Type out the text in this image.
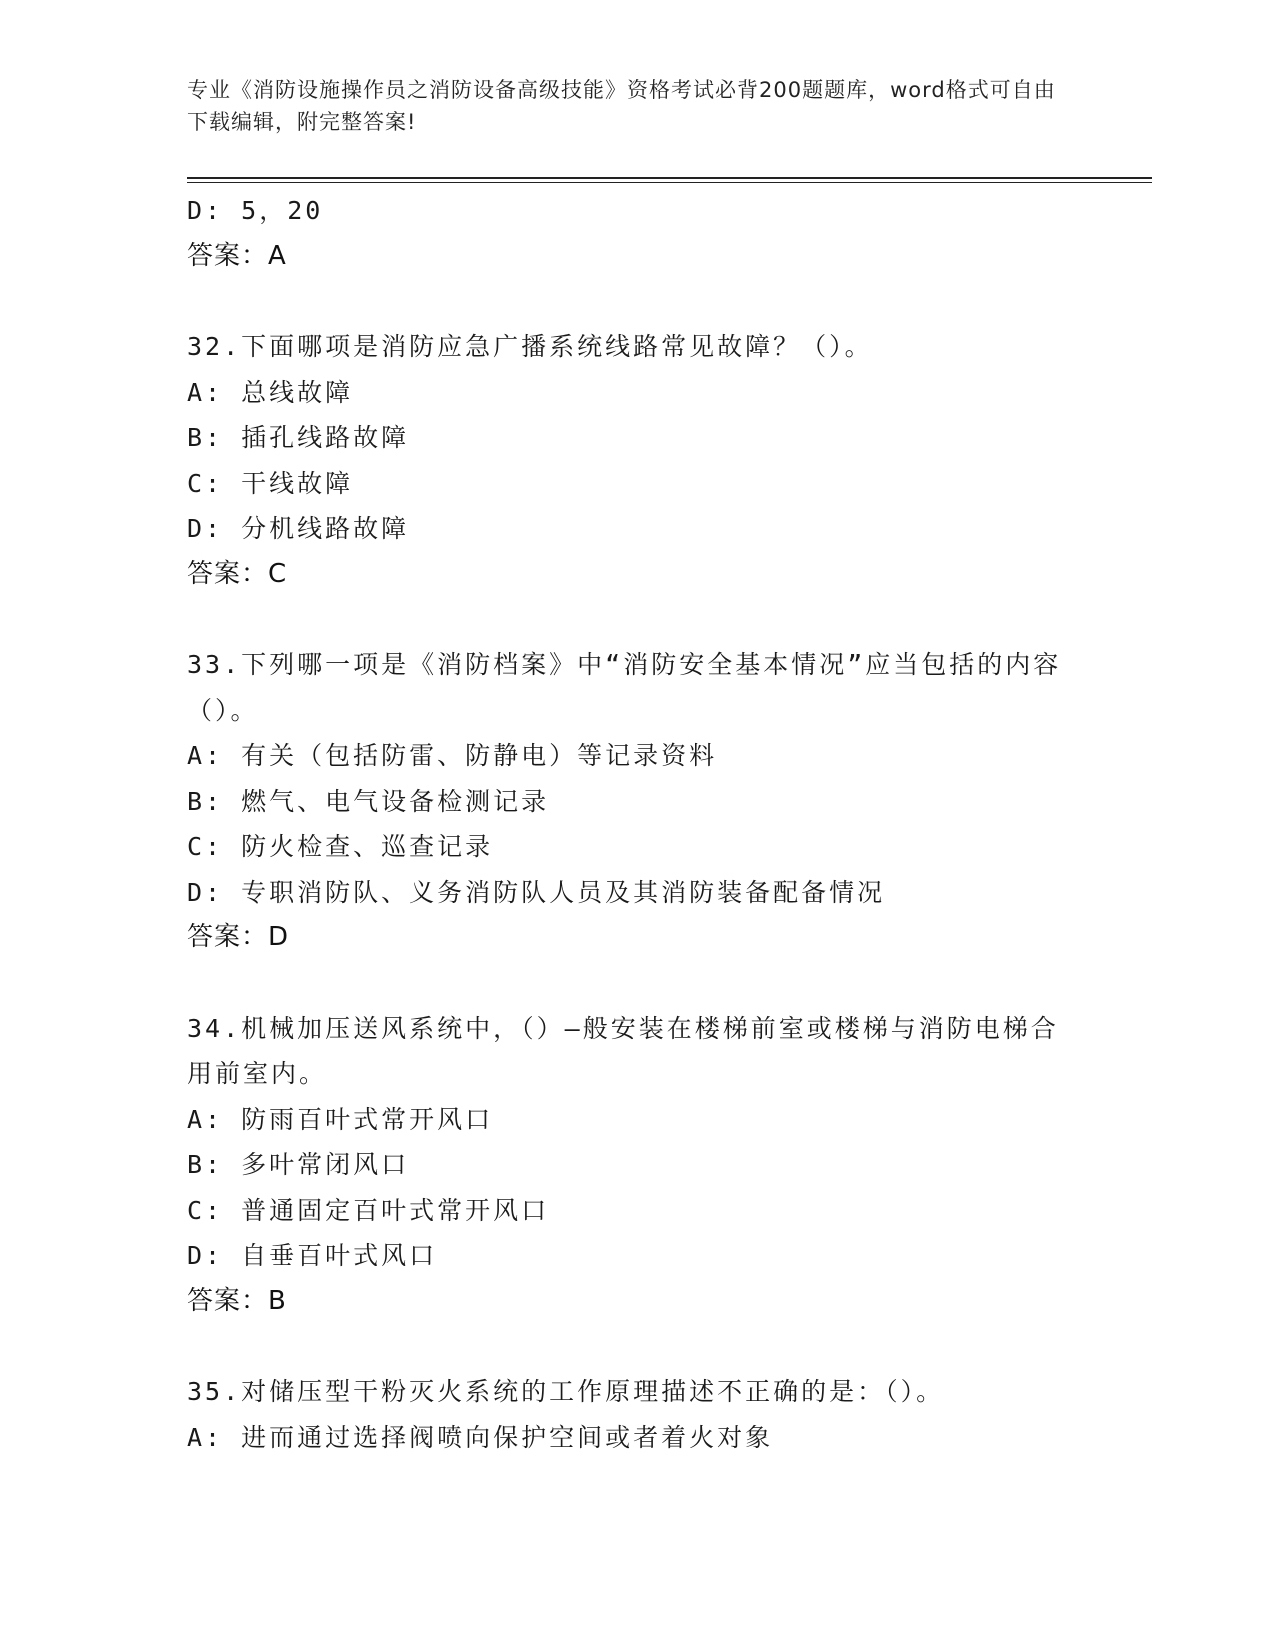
专业《消防设施操作员之消防设备高级技能》资格考试必背200题题库，word格式可自由下载编辑，附完整答案!
D: 5，20
答案：A
32.下面哪项是消防应急广播系统线路常见故障？（）。
A: 总线故障
B: 插孔线路故障
C: 干线故障
D: 分机线路故障
答案：C
33.下列哪一项是《消防档案》中“消防安全基本情况”应当包括的内容（）。
A: 有关（包括防雷、防静电）等记录资料
B: 燃气、电气设备检测记录
C: 防火检查、巡查记录
D: 专职消防队、义务消防队人员及其消防装备配备情况
答案：D
34.机械加压送风系统中，（）—般安装在楼梯前室或楼梯与消防电梯合用前室内。
A: 防雨百叶式常开风口
B: 多叶常闭风口
C: 普通固定百叶式常开风口
D: 自垂百叶式风口
答案：B
35.对储压型干粉灭火系统的工作原理描述不正确的是：（）。
A: 进而通过选择阀喷向保护空间或者着火对象
